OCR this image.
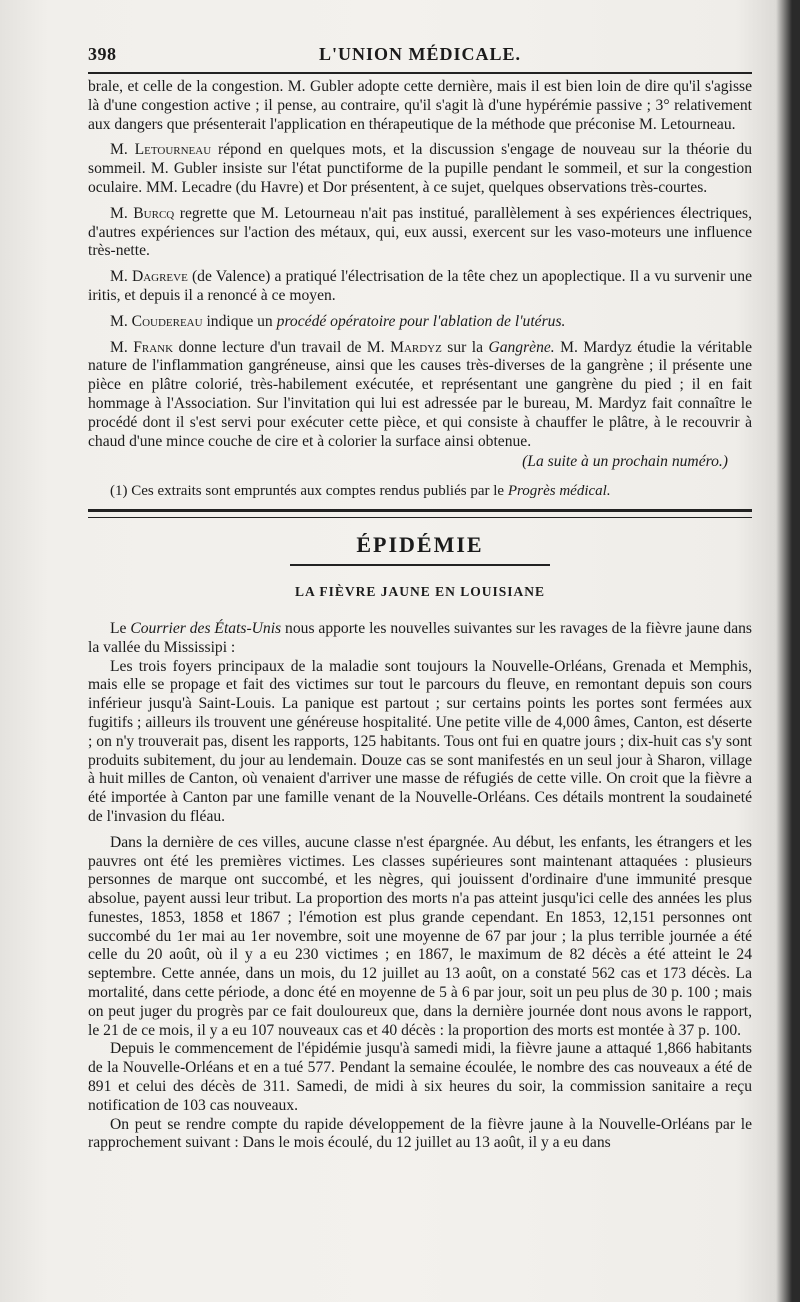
398	L'UNION MÉDICALE.

brale, et celle de la congestion. M. Gubler adopte cette dernière, mais il est bien loin de dire qu'il s'agisse là d'une congestion active ; il pense, au contraire, qu'il s'agit là d'une hypérémie passive ; 3° relativement aux dangers que présenterait l'application en thérapeutique de la méthode que préconise M. Letourneau.

M. Letourneau répond en quelques mots, et la discussion s'engage de nouveau sur la théorie du sommeil. M. Gubler insiste sur l'état punctiforme de la pupille pendant le sommeil, et sur la congestion oculaire. MM. Lecadre (du Havre) et Dor présentent, à ce sujet, quelques observations très-courtes.

M. Burcq regrette que M. Letourneau n'ait pas institué, parallèlement à ses expériences électriques, d'autres expériences sur l'action des métaux, qui, eux aussi, exercent sur les vaso-moteurs une influence très-nette.

M. Dagreve (de Valence) a pratiqué l'électrisation de la tête chez un apoplectique. Il a vu survenir une iritis, et depuis il a renoncé à ce moyen.

M. Coudereau indique un procédé opératoire pour l'ablation de l'utérus.

M. Frank donne lecture d'un travail de M. Mardyz sur la Gangrène. M. Mardyz étudie la véritable nature de l'inflammation gangréneuse, ainsi que les causes très-diverses de la gangrène ; il présente une pièce en plâtre colorié, très-habilement exécutée, et représentant une gangrène du pied ; il en fait hommage à l'Association. Sur l'invitation qui lui est adressée par le bureau, M. Mardyz fait connaître le procédé dont il s'est servi pour exécuter cette pièce, et qui consiste à chauffer le plâtre, à le recouvrir à chaud d'une mince couche de cire et à colorier la surface ainsi obtenue.

(La suite à un prochain numéro.)

(1) Ces extraits sont empruntés aux comptes rendus publiés par le Progrès médical.

ÉPIDÉMIE
LA FIÈVRE JAUNE EN LOUISIANE

Le Courrier des États-Unis nous apporte les nouvelles suivantes sur les ravages de la fièvre jaune dans la vallée du Mississipi :

Les trois foyers principaux de la maladie sont toujours la Nouvelle-Orléans, Grenada et Memphis, mais elle se propage et fait des victimes sur tout le parcours du fleuve, en remontant depuis son cours inférieur jusqu'à Saint-Louis. La panique est partout ; sur certains points les portes sont fermées aux fugitifs ; ailleurs ils trouvent une généreuse hospitalité. Une petite ville de 4,000 âmes, Canton, est déserte ; on n'y trouverait pas, disent les rapports, 125 habitants. Tous ont fui en quatre jours ; dix-huit cas s'y sont produits subitement, du jour au lendemain. Douze cas se sont manifestés en un seul jour à Sharon, village à huit milles de Canton, où venaient d'arriver une masse de réfugiés de cette ville. On croit que la fièvre a été importée à Canton par une famille venant de la Nouvelle-Orléans. Ces détails montrent la soudaineté de l'invasion du fléau.

Dans la dernière de ces villes, aucune classe n'est épargnée. Au début, les enfants, les étrangers et les pauvres ont été les premières victimes. Les classes supérieures sont maintenant attaquées : plusieurs personnes de marque ont succombé, et les nègres, qui jouissent d'ordinaire d'une immunité presque absolue, payent aussi leur tribut. La proportion des morts n'a pas atteint jusqu'ici celle des années les plus funestes, 1853, 1858 et 1867 ; l'émotion est plus grande cependant. En 1853, 12,151 personnes ont succombé du 1er mai au 1er novembre, soit une moyenne de 67 par jour ; la plus terrible journée a été celle du 20 août, où il y a eu 230 victimes ; en 1867, le maximum de 82 décès a été atteint le 24 septembre. Cette année, dans un mois, du 12 juillet au 13 août, on a constaté 562 cas et 173 décès. La mortalité, dans cette période, a donc été en moyenne de 5 à 6 par jour, soit un peu plus de 30 p. 100 ; mais on peut juger du progrès par ce fait douloureux que, dans la dernière journée dont nous avons le rapport, le 21 de ce mois, il y a eu 107 nouveaux cas et 40 décès : la proportion des morts est montée à 37 p. 100.

Depuis le commencement de l'épidémie jusqu'à samedi midi, la fièvre jaune a attaqué 1,866 habitants de la Nouvelle-Orléans et en a tué 577. Pendant la semaine écoulée, le nombre des cas nouveaux a été de 891 et celui des décès de 311. Samedi, de midi à six heures du soir, la commission sanitaire a reçu notification de 103 cas nouveaux.

On peut se rendre compte du rapide développement de la fièvre jaune à la Nouvelle-Orléans par le rapprochement suivant : Dans le mois écoulé, du 12 juillet au 13 août, il y a eu dans
